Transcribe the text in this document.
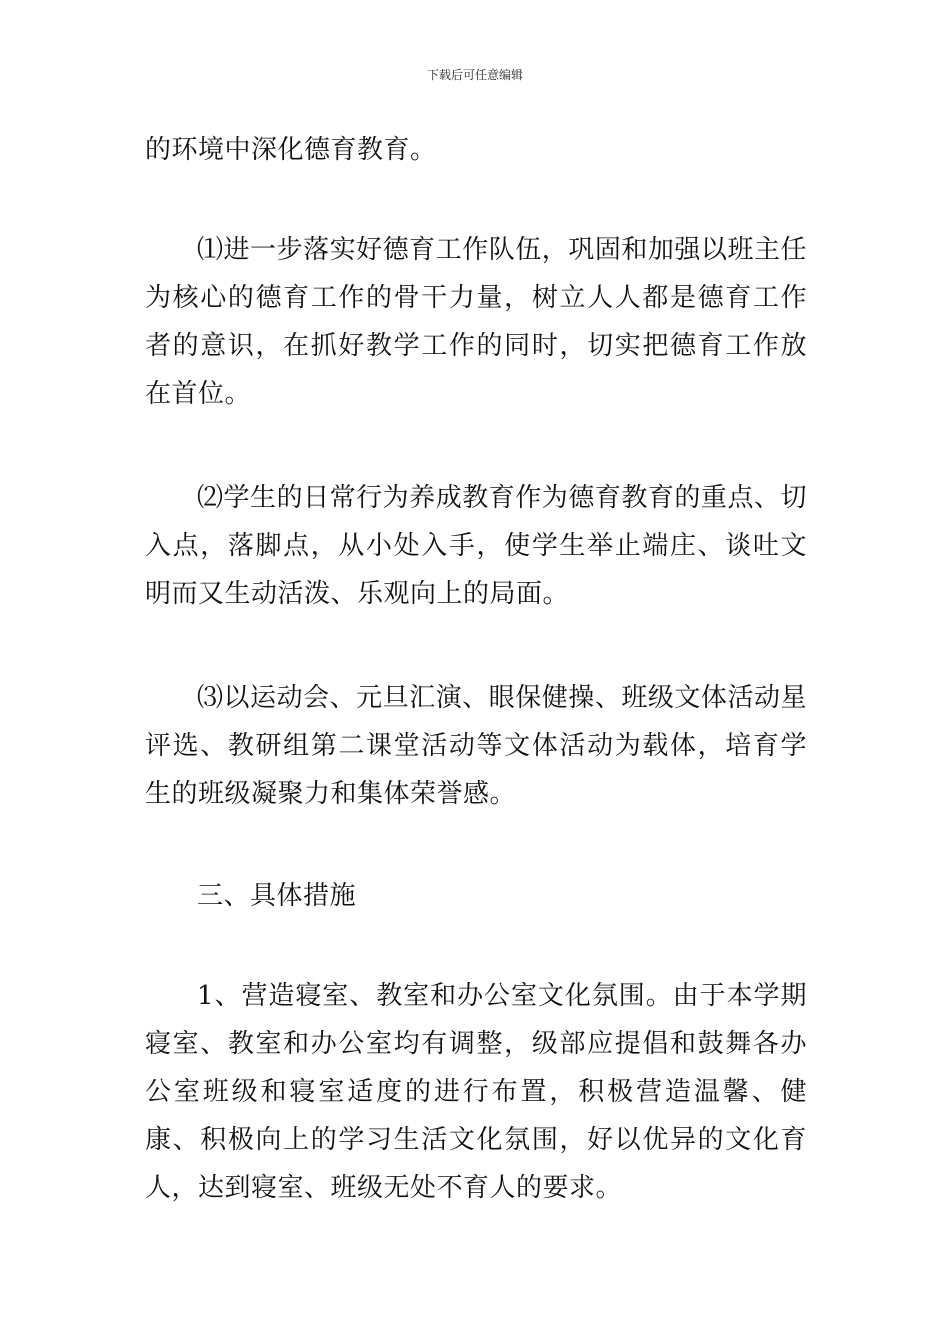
下载后可任意编辑

的环境中深化德育教育。

⑴进一步落实好德育工作队伍，巩固和加强以班主任为核心的德育工作的骨干力量，树立人人都是德育工作者的意识，在抓好教学工作的同时，切实把德育工作放在首位。

⑵学生的日常行为养成教育作为德育教育的重点、切入点，落脚点，从小处入手，使学生举止端庄、谈吐文明而又生动活泼、乐观向上的局面。

⑶以运动会、元旦汇演、眼保健操、班级文体活动星评选、教研组第二课堂活动等文体活动为载体，培育学生的班级凝聚力和集体荣誉感。

三、具体措施

1、营造寝室、教室和办公室文化氛围。由于本学期寝室、教室和办公室均有调整，级部应提倡和鼓舞各办公室班级和寝室适度的进行布置，积极营造温馨、健康、积极向上的学习生活文化氛围，好以优异的文化育人，达到寝室、班级无处不育人的要求。
